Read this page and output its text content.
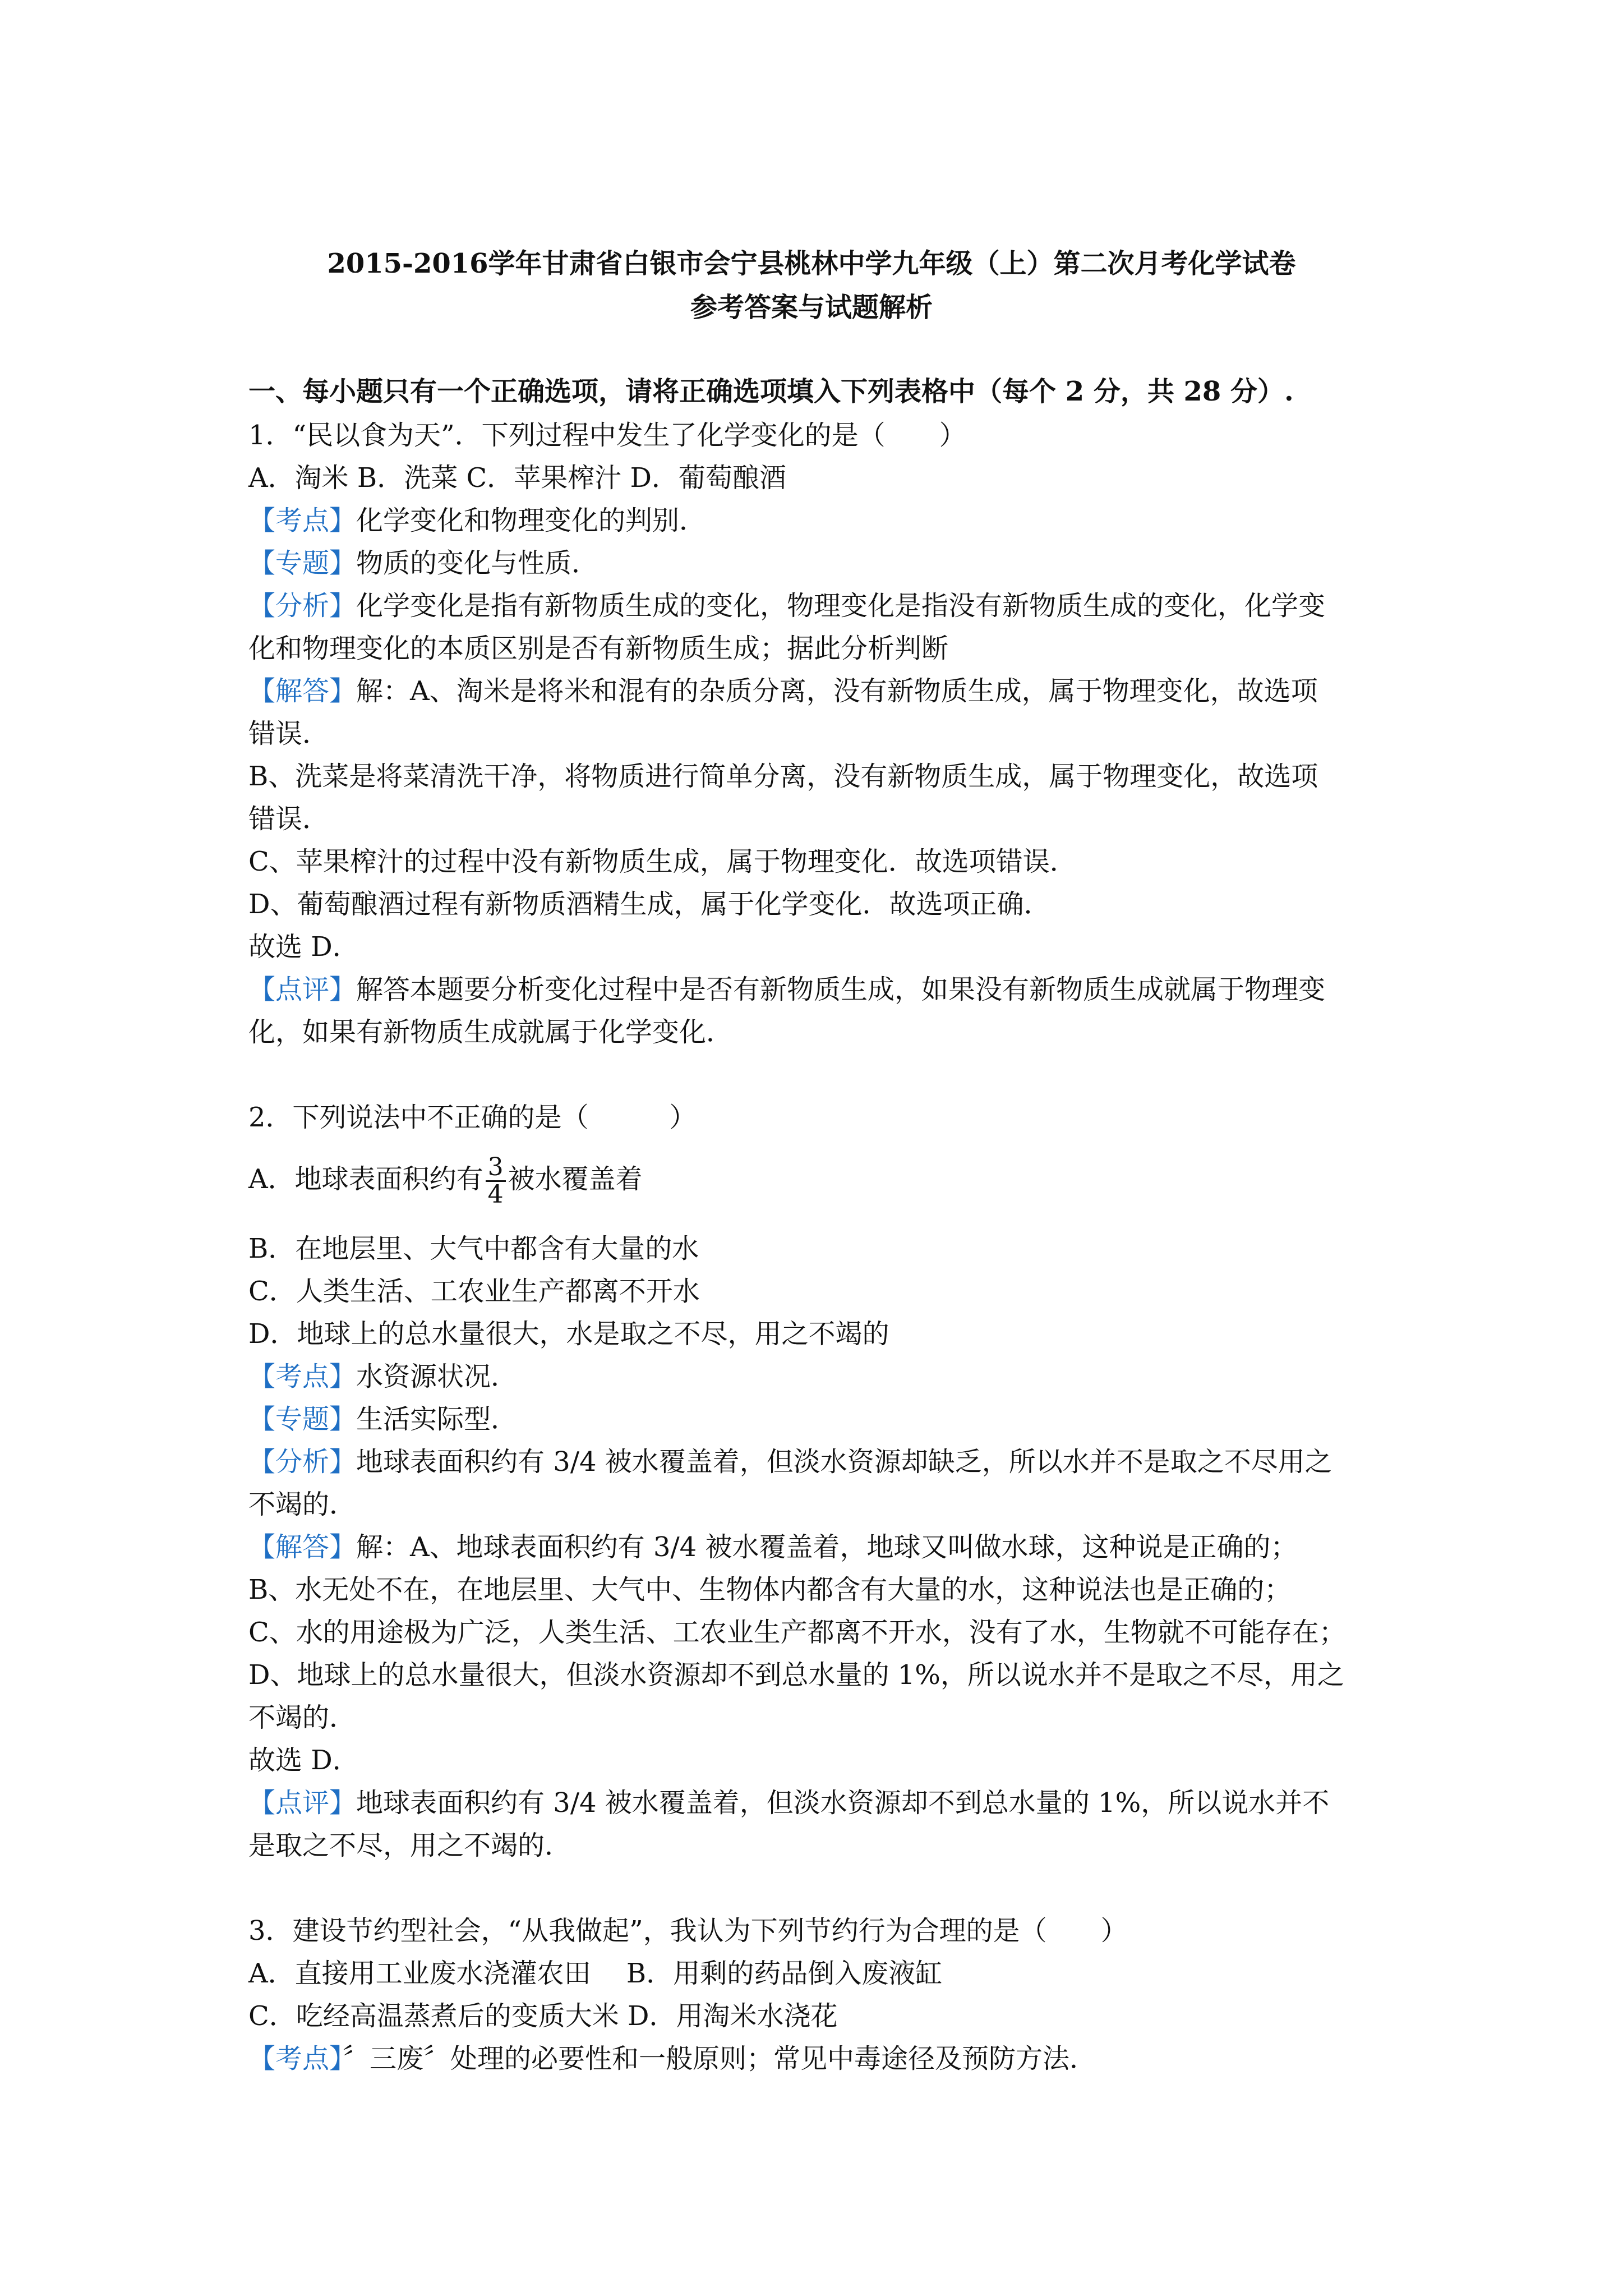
2015-2016学年甘肃省白银市会宁县桃林中学九年级（上）第二次月考化学试卷
参考答案与试题解析
一、每小题只有一个正确选项，请将正确选项填入下列表格中（每个 2 分，共 28 分）.
1．“民以食为天”．下列过程中发生了化学变化的是（　　）
A．淘米 B．洗菜 C．苹果榨汁 D．葡萄酿酒
【考点】化学变化和物理变化的判别．
【专题】物质的变化与性质．
【分析】化学变化是指有新物质生成的变化，物理变化是指没有新物质生成的变化，化学变
化和物理变化的本质区别是否有新物质生成；据此分析判断
【解答】解：A、淘米是将米和混有的杂质分离，没有新物质生成，属于物理变化，故选项
错误．
B、洗菜是将菜清洗干净，将物质进行简单分离，没有新物质生成，属于物理变化，故选项
错误．
C、苹果榨汁的过程中没有新物质生成，属于物理变化．故选项错误．
D、葡萄酿酒过程有新物质酒精生成，属于化学变化．故选项正确．
故选 D．
【点评】解答本题要分析变化过程中是否有新物质生成，如果没有新物质生成就属于物理变
化，如果有新物质生成就属于化学变化．
2．下列说法中不正确的是（　　　）
A．地球表面积约有 $\frac{3}{4}$ 被水覆盖着
B．在地层里、大气中都含有大量的水
C．人类生活、工农业生产都离不开水
D．地球上的总水量很大，水是取之不尽，用之不竭的
【考点】水资源状况．
【专题】生活实际型．
【分析】地球表面积约有 3/4 被水覆盖着，但淡水资源却缺乏，所以水并不是取之不尽用之
不竭的．
【解答】解：A、地球表面积约有 3/4 被水覆盖着，地球又叫做水球，这种说是正确的；
B、水无处不在，在地层里、大气中、生物体内都含有大量的水，这种说法也是正确的；
C、水的用途极为广泛，人类生活、工农业生产都离不开水，没有了水，生物就不可能存在；
D、地球上的总水量很大，但淡水资源却不到总水量的 1%，所以说水并不是取之不尽，用之
不竭的．
故选 D．
【点评】地球表面积约有 3/4 被水覆盖着，但淡水资源却不到总水量的 1%，所以说水并不
是取之不尽，用之不竭的．
3．建设节约型社会，“从我做起”，我认为下列节约行为合理的是（　　）
A．直接用工业废水浇灌农田　 B．用剩的药品倒入废液缸
C．吃经高温蒸煮后的变质大米 D．用淘米水浇花
【考点】〞三废〞处理的必要性和一般原则；常见中毒途径及预防方法．
